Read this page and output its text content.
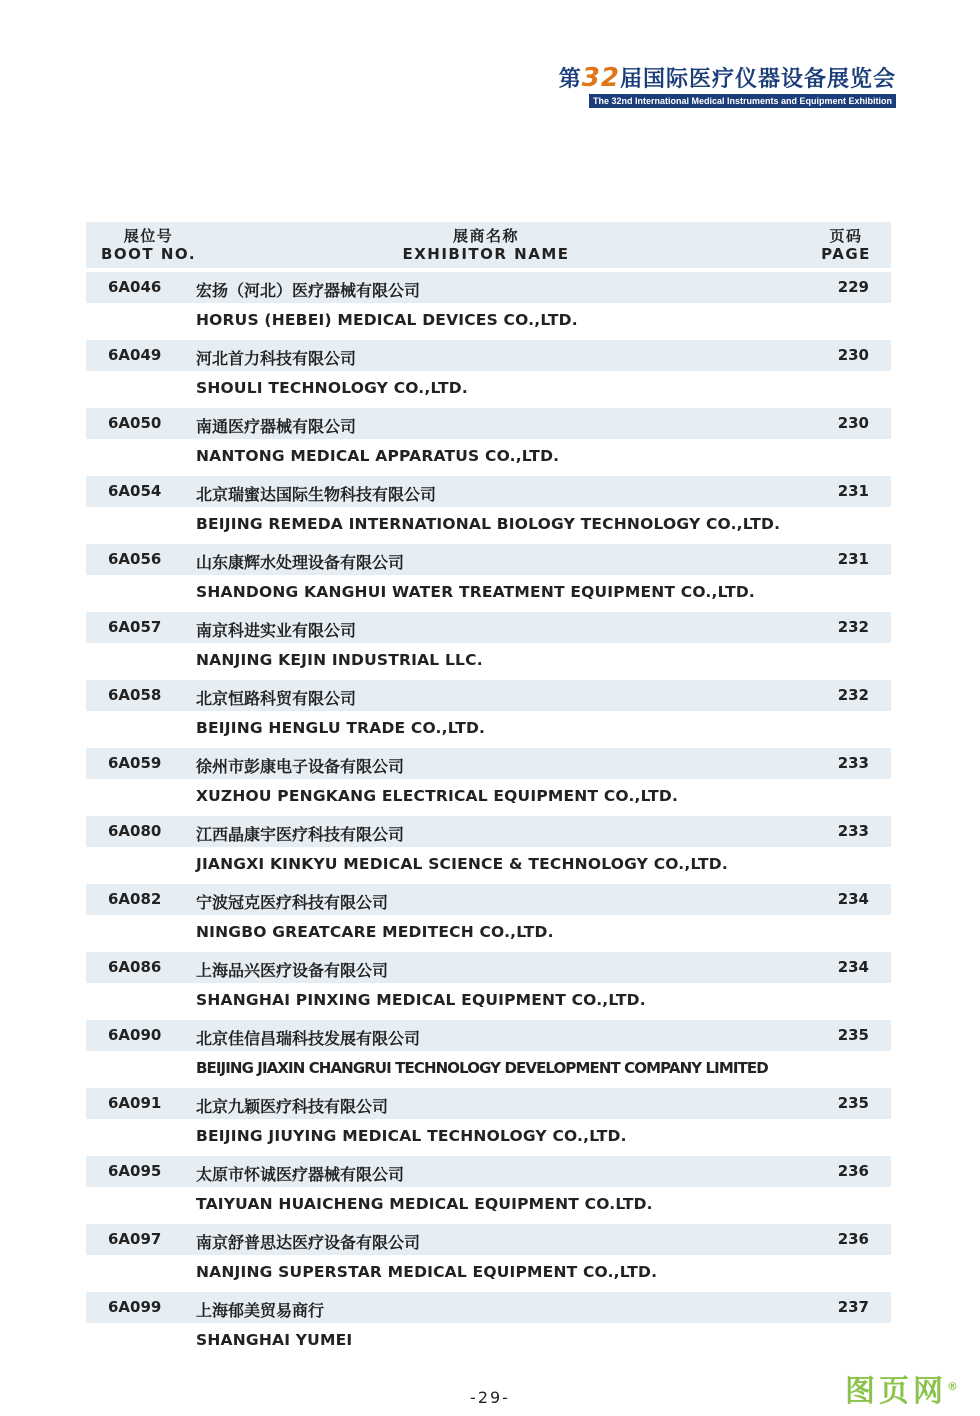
第32届国际医疗仪器设备展览会
The 32nd International Medical Instruments and Equipment Exhibition
展位号
BOOT NO.
展商名称
EXHIBITOR NAME
页码
PAGE
6A046 宏扬（河北）医疗器械有限公司	229
HORUS (HEBEI) MEDICAL DEVICES CO.,LTD.
6A049 河北首力科技有限公司	230
SHOULI TECHNOLOGY CO.,LTD.
6A050 南通医疗器械有限公司	230
NANTONG MEDICAL APPARATUS CO.,LTD.
6A054 北京瑞蜜达国际生物科技有限公司	231
BEIJING REMEDA INTERNATIONAL BIOLOGY TECHNOLOGY CO.,LTD.
6A056 山东康辉水处理设备有限公司	231
SHANDONG KANGHUI WATER TREATMENT EQUIPMENT CO.,LTD.
6A057 南京科进实业有限公司	232
NANJING KEJIN INDUSTRIAL LLC.
6A058 北京恒路科贸有限公司	232
BEIJING HENGLU TRADE CO.,LTD.
6A059 徐州市彭康电子设备有限公司	233
XUZHOU PENGKANG ELECTRICAL EQUIPMENT CO.,LTD.
6A080 江西晶康宇医疗科技有限公司	233
JIANGXI KINKYU MEDICAL SCIENCE & TECHNOLOGY CO.,LTD.
6A082 宁波冠克医疗科技有限公司	234
NINGBO GREATCARE MEDITECH CO.,LTD.
6A086 上海品兴医疗设备有限公司	234
SHANGHAI PINXING MEDICAL EQUIPMENT CO.,LTD.
6A090 北京佳信昌瑞科技发展有限公司	235
BEIJING JIAXIN CHANGRUI TECHNOLOGY DEVELOPMENT COMPANY LIMITED
6A091 北京九颖医疗科技有限公司	235
BEIJING JIUYING MEDICAL TECHNOLOGY CO.,LTD.
6A095 太原市怀诚医疗器械有限公司	236
TAIYUAN HUAICHENG MEDICAL EQUIPMENT CO.LTD.
6A097 南京舒普思达医疗设备有限公司	236
NANJING SUPERSTAR MEDICAL EQUIPMENT CO.,LTD.
6A099 上海郁美贸易商行	237
SHANGHAI YUMEI
-29-	图页网®
